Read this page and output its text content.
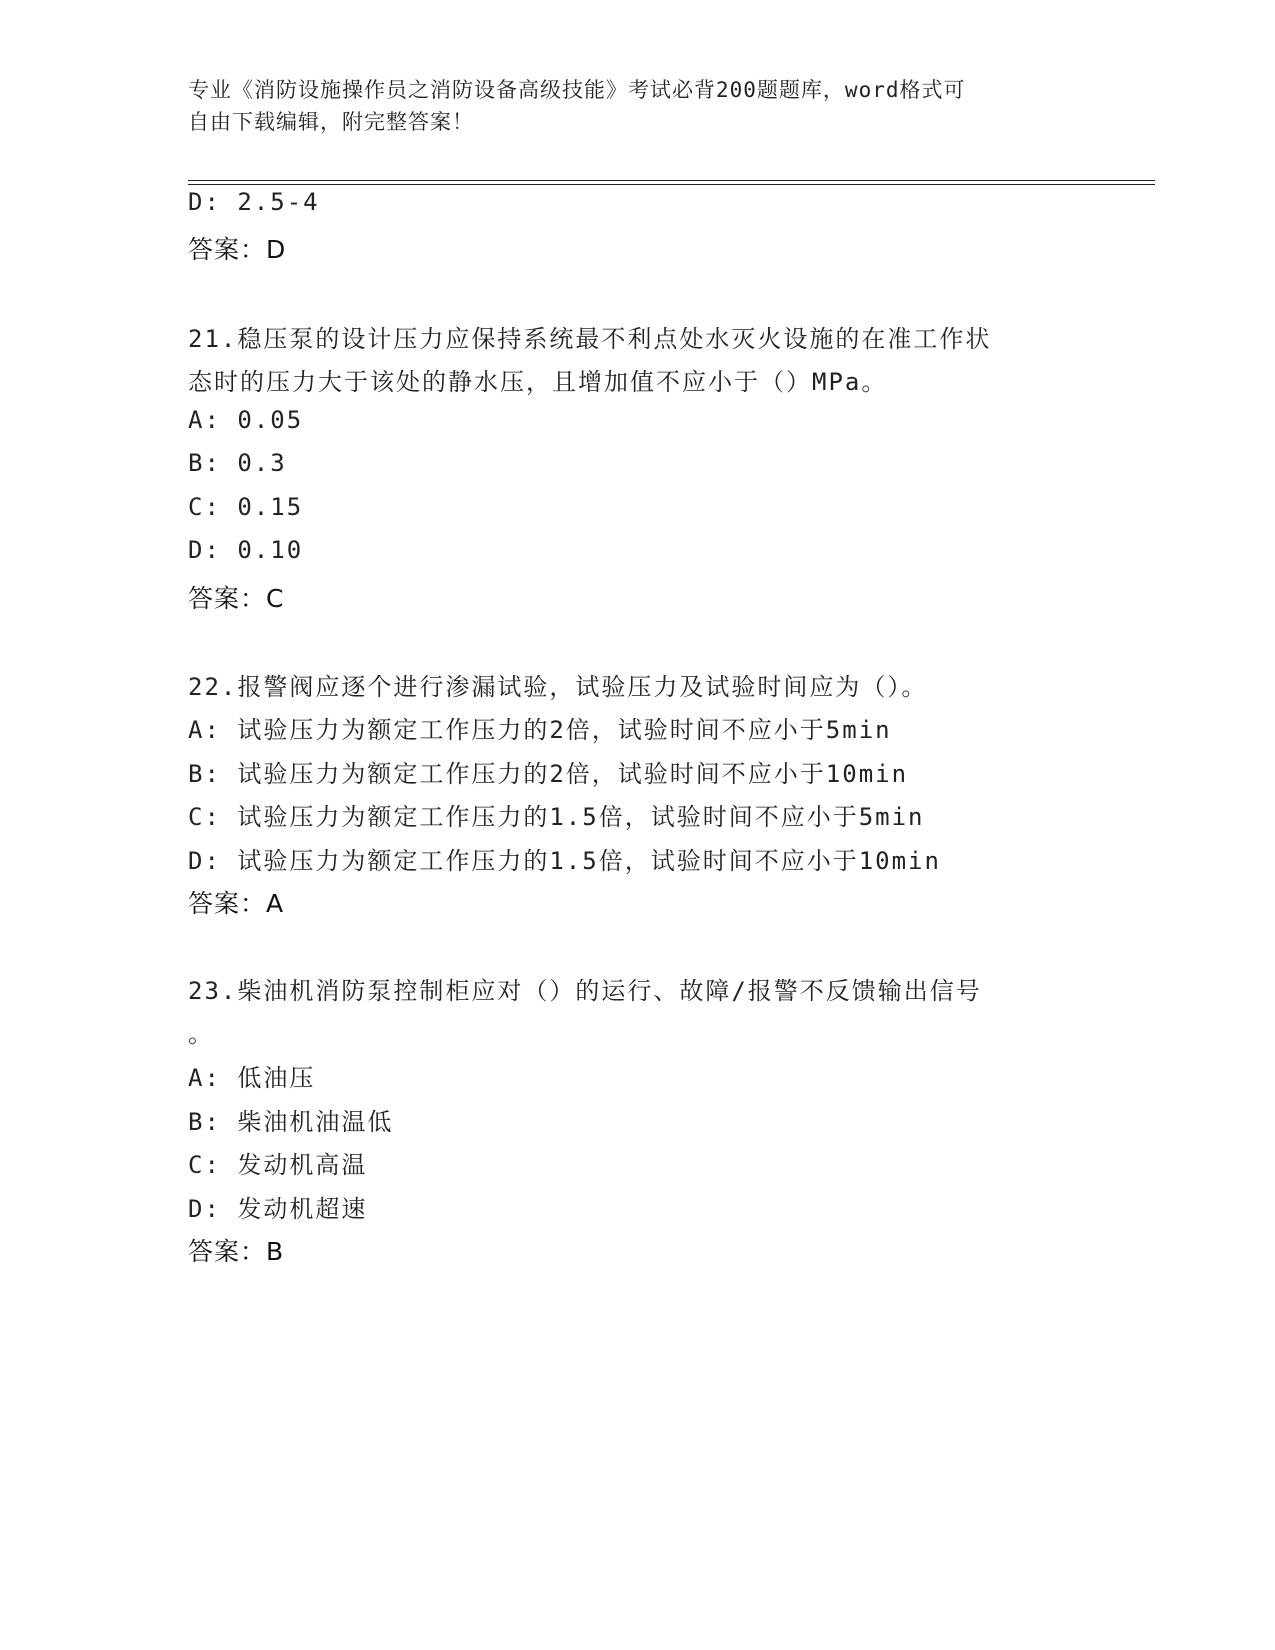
专业《消防设施操作员之消防设备高级技能》考试必背200题题库，word格式可
自由下载编辑，附完整答案！
D: 2.5-4
答案：D
21.稳压泵的设计压力应保持系统最不利点处水灭火设施的在准工作状
态时的压力大于该处的静水压，且增加值不应小于（）MPa。
A: 0.05
B: 0.3
C: 0.15
D: 0.10
答案：C
22.报警阀应逐个进行渗漏试验，试验压力及试验时间应为（）。
A: 试验压力为额定工作压力的2倍，试验时间不应小于5min
B: 试验压力为额定工作压力的2倍，试验时间不应小于10min
C: 试验压力为额定工作压力的1.5倍，试验时间不应小于5min
D: 试验压力为额定工作压力的1.5倍，试验时间不应小于10min
答案：A
23.柴油机消防泵控制柜应对（）的运行、故障/报警不反馈输出信号
。
A: 低油压
B: 柴油机油温低
C: 发动机高温
D: 发动机超速
答案：B
